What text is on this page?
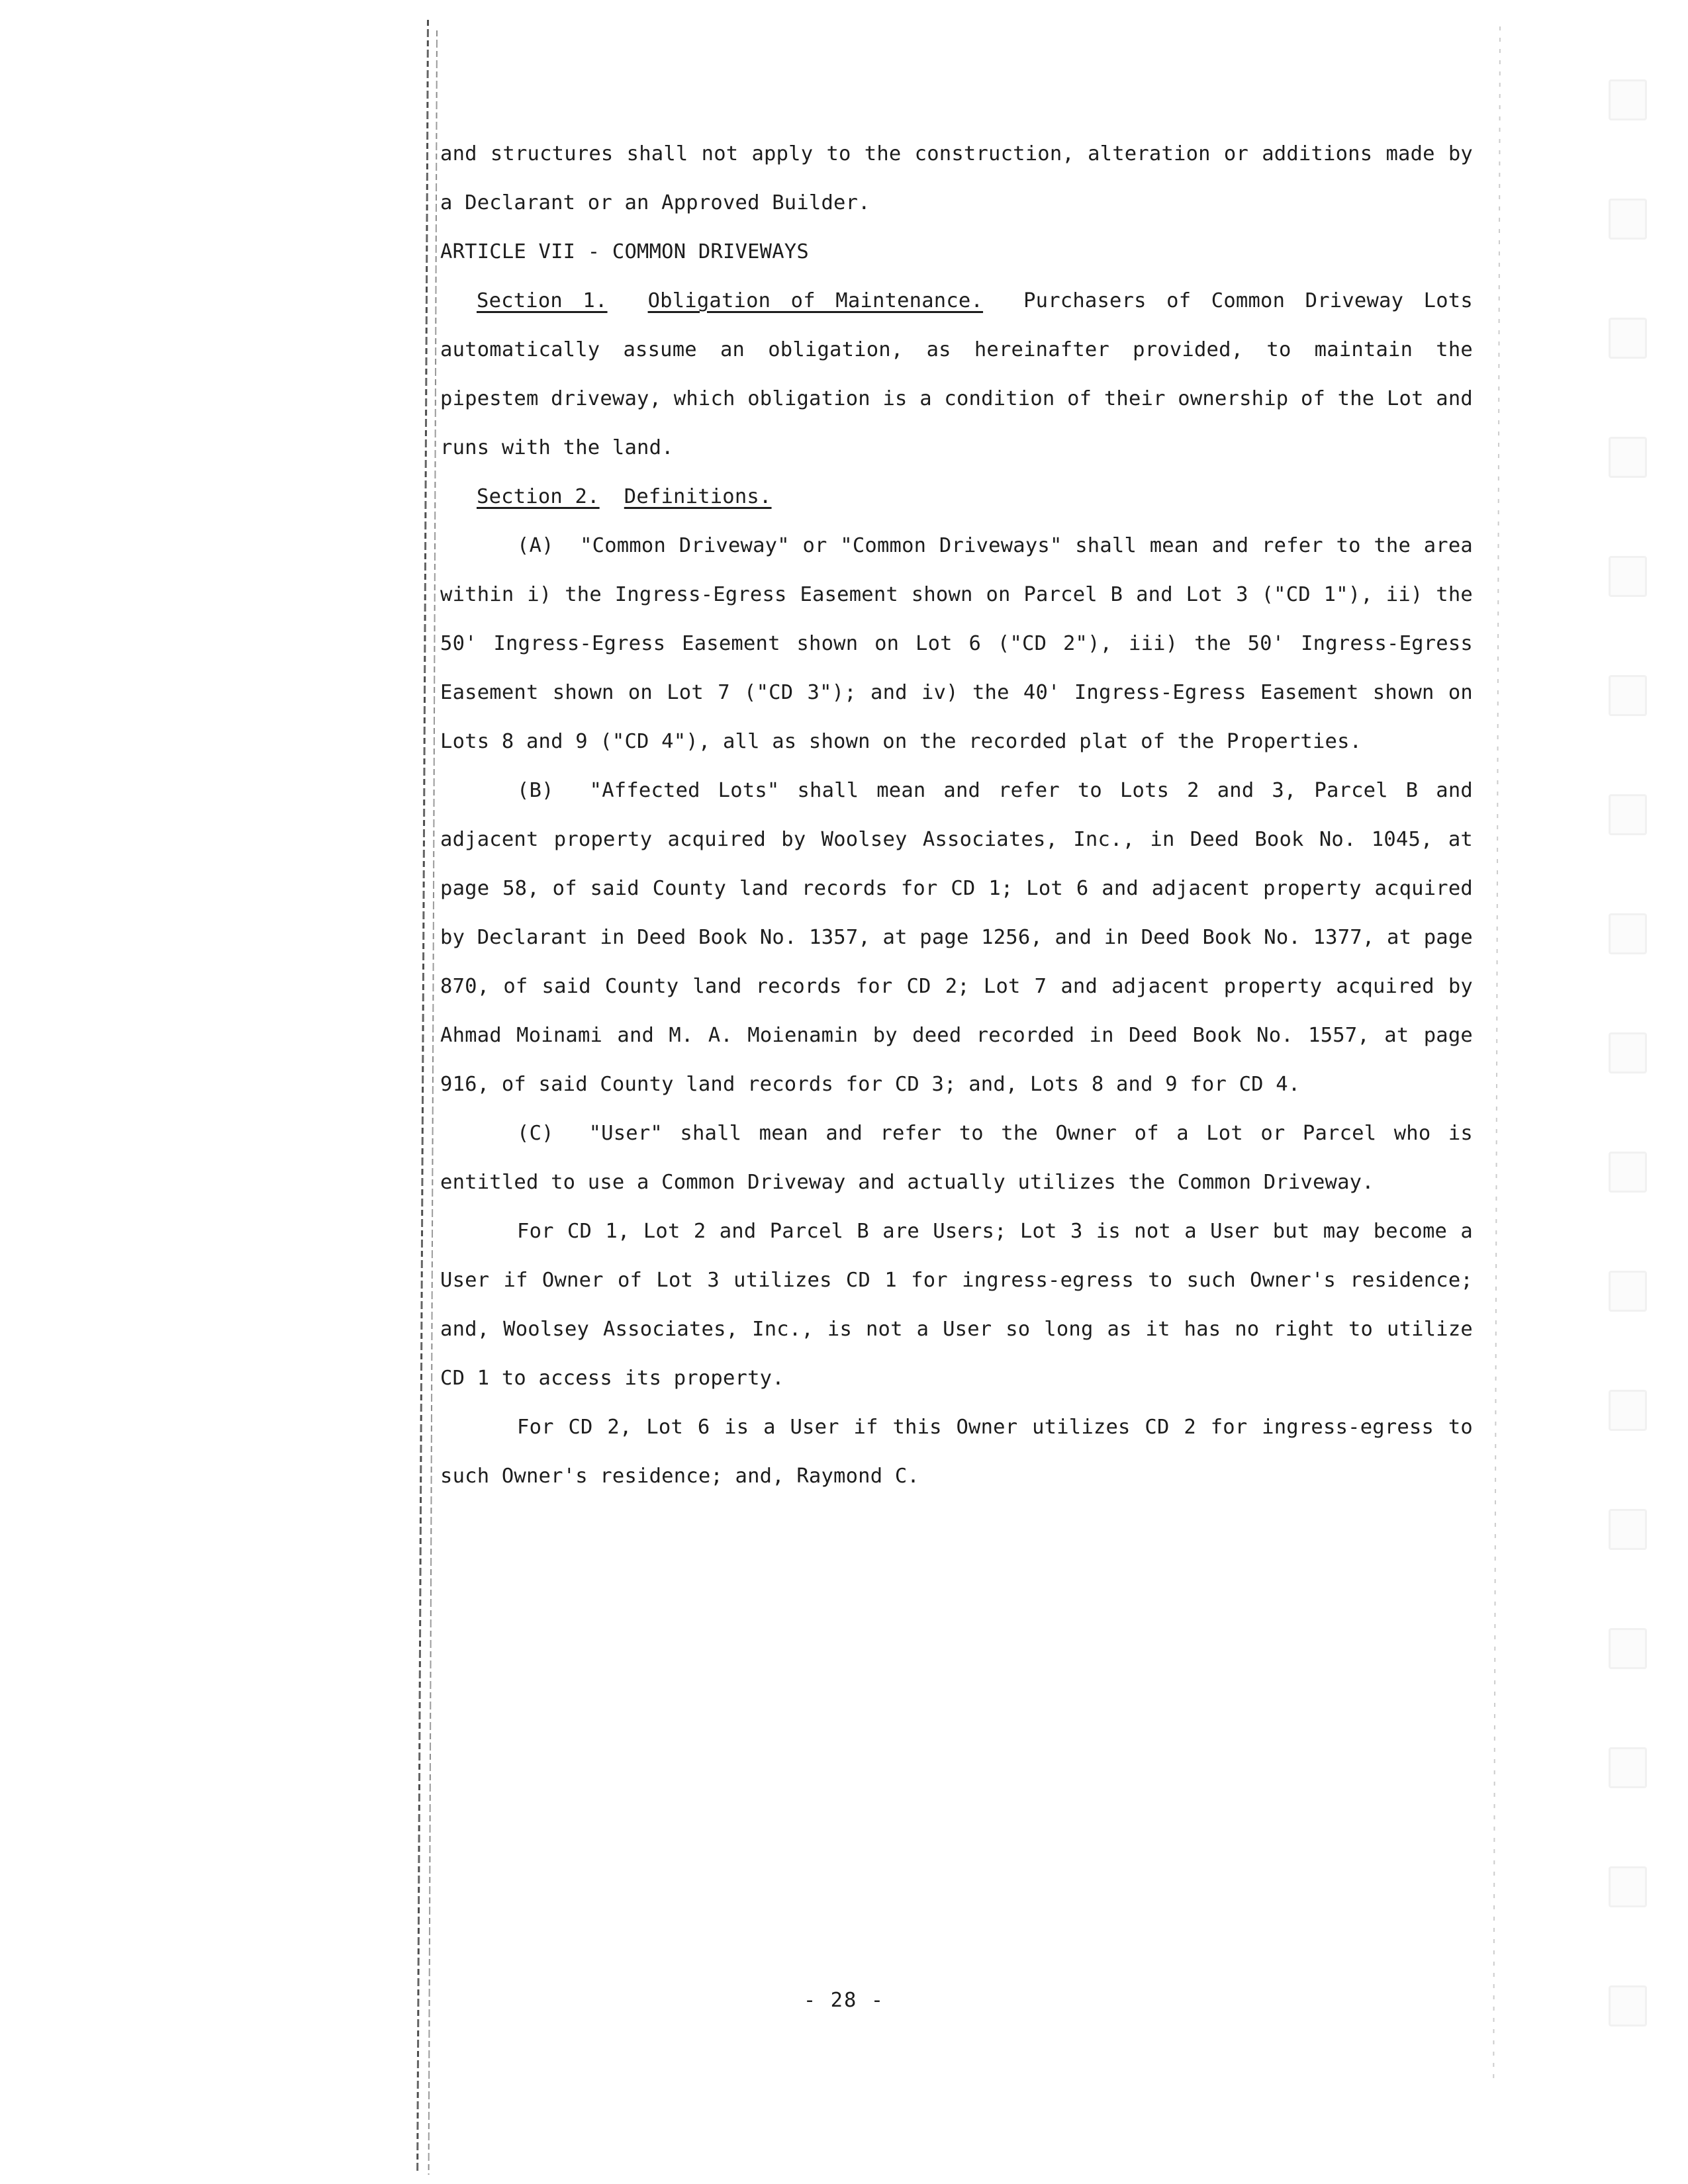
and structures shall not apply to the construction, alteration or additions made by a Declarant or an Approved Builder.

ARTICLE VII - COMMON DRIVEWAYS

Section 1. Obligation of Maintenance. Purchasers of Common Driveway Lots automatically assume an obligation, as hereinafter provided, to maintain the pipestem driveway, which obligation is a condition of their ownership of the Lot and runs with the land.

Section 2. Definitions.

(A) "Common Driveway" or "Common Driveways" shall mean and refer to the area within i) the Ingress-Egress Easement shown on Parcel B and Lot 3 ("CD 1"), ii) the 50' Ingress-Egress Easement shown on Lot 6 ("CD 2"), iii) the 50' Ingress-Egress Easement shown on Lot 7 ("CD 3"); and iv) the 40' Ingress-Egress Easement shown on Lots 8 and 9 ("CD 4"), all as shown on the recorded plat of the Properties.

(B) "Affected Lots" shall mean and refer to Lots 2 and 3, Parcel B and adjacent property acquired by Woolsey Associates, Inc., in Deed Book No. 1045, at page 58, of said County land records for CD 1; Lot 6 and adjacent property acquired by Declarant in Deed Book No. 1357, at page 1256, and in Deed Book No. 1377, at page 870, of said County land records for CD 2; Lot 7 and adjacent property acquired by Ahmad Moinami and M. A. Moienamin by deed recorded in Deed Book No. 1557, at page 916, of said County land records for CD 3; and, Lots 8 and 9 for CD 4.

(C) "User" shall mean and refer to the Owner of a Lot or Parcel who is entitled to use a Common Driveway and actually utilizes the Common Driveway.

For CD 1, Lot 2 and Parcel B are Users; Lot 3 is not a User but may become a User if Owner of Lot 3 utilizes CD 1 for ingress-egress to such Owner's residence; and, Woolsey Associates, Inc., is not a User so long as it has no right to utilize CD 1 to access its property.

For CD 2, Lot 6 is a User if this Owner utilizes CD 2 for ingress-egress to such Owner's residence; and, Raymond C.

- 28 -
